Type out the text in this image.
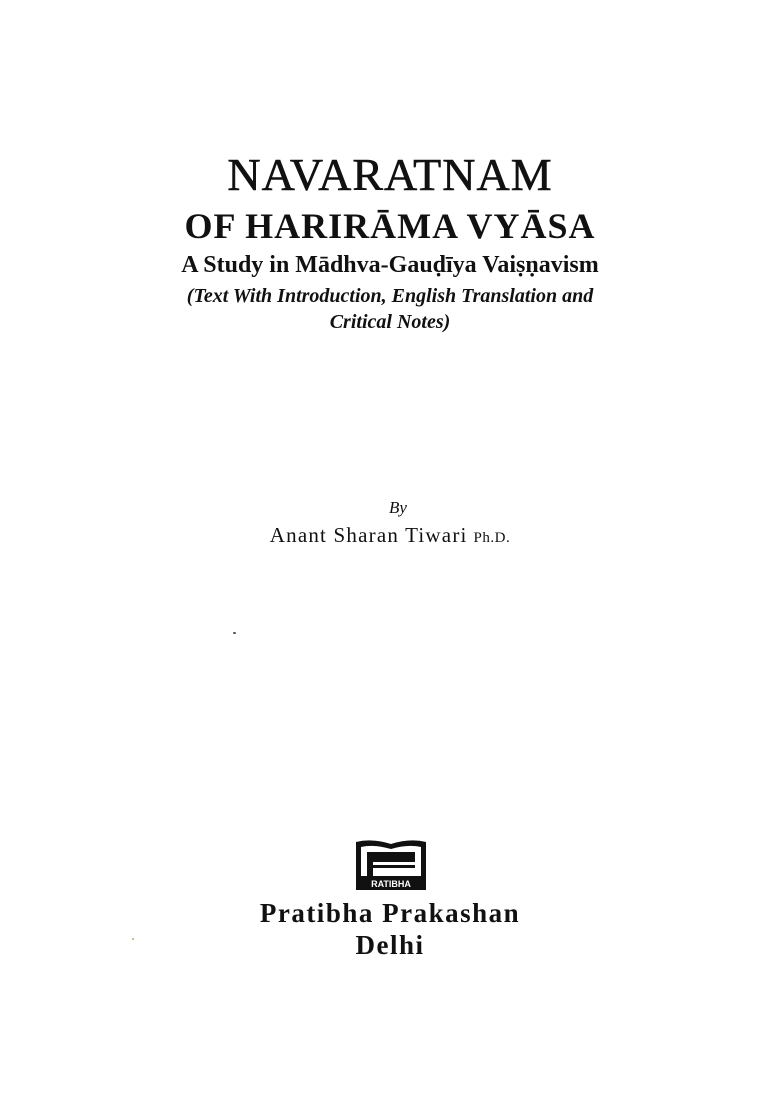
NAVARATNAM
OF HARIRĀMA VYĀSA
A Study in Mādhva-Gauḍīya Vaiṣṇavism
(Text With Introduction, English Translation and
Critical Notes)
By
Anant Sharan Tiwari Ph.D.
RATIBHA
Pratibha Prakashan
Delhi
